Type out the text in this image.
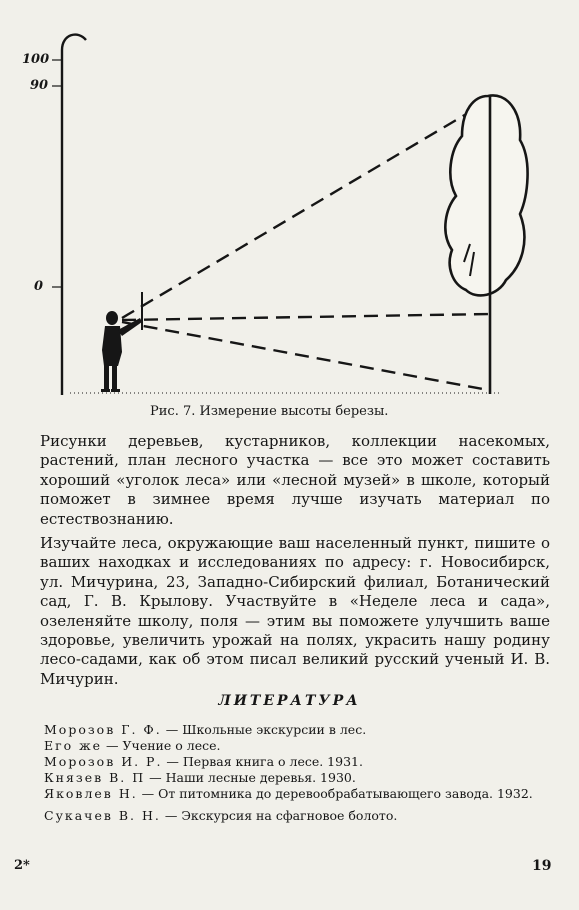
100
90
0
Рис. 7. Измерение высоты березы.

Рисунки деревьев, кустарников, коллекции насекомых, растений, план лесного участка — все это может составить хороший «уголок леса» или «лесной музей» в школе, который поможет в зимнее время лучше изучать материал по естествознанию.

Изучайте леса, окружающие ваш населенный пункт, пишите о ваших находках и исследованиях по адресу: г. Новосибирск, ул. Мичурина, 23, Западно-Сибирский филиал, Ботанический сад, Г. В. Крылову. Участвуйте в «Неделе леса и сада», озеленяйте школу, поля — этим вы поможете улучшить ваше здоровье, увеличить урожай на полях, украсить нашу родину лесо-садами, как об этом писал великий русский ученый И. В. Мичурин.

ЛИТЕРАТУРА
Морозов Г. Ф. — Школьные экскурсии в лес.
Его же — Учение о лесе.
Морозов И. Р. — Первая книга о лесе. 1931.
Князев В. П — Наши лесные деревья. 1930.
Яковлев Н. — От питомника до деревообрабатывающего завода. 1932.
Сукачев В. Н. — Экскурсия на сфагновое болото.
2*	19
